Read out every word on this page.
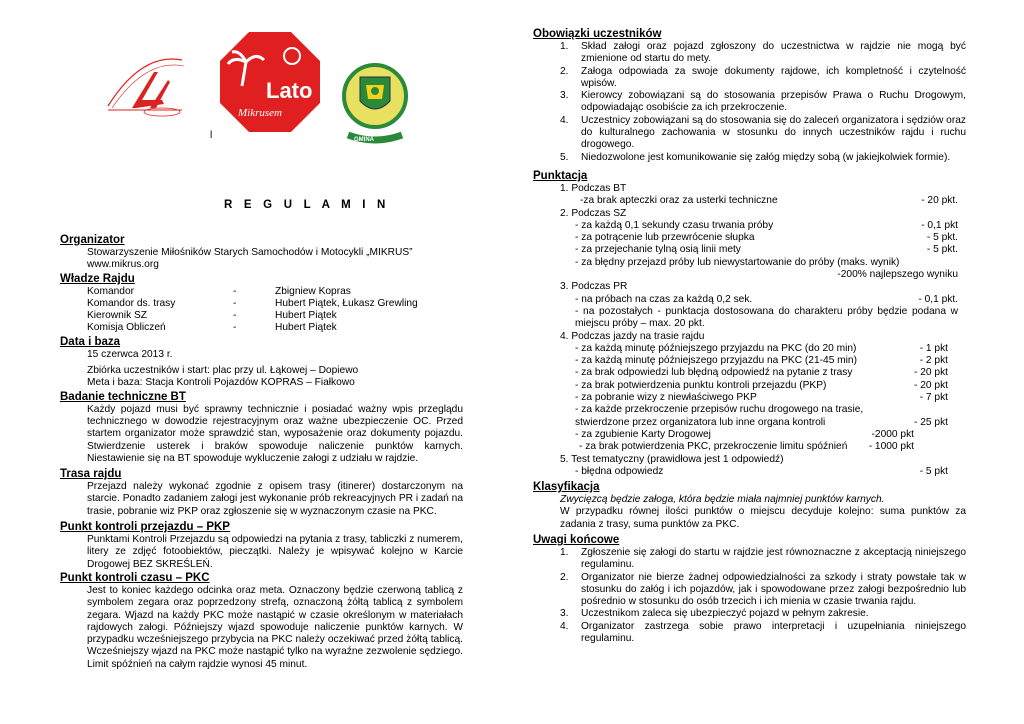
Lato
Mikrusem
GMINA
l
R E G U L A M I N
Organizator

Stowarzyszenie Miłośników Starych Samochodów i Motocykli „MIKRUS”

www.mikrus.org

Władze Rajdu
Komandor	-	Zbigniew Kopras
Komandor ds. trasy	-	Hubert Piątek, Łukasz Grewling
Kierownik SZ	-	Hubert Piątek
Komisja Obliczeń	-	Hubert Piątek
Data i baza

15 czerwca 2013 r.

Zbiórka uczestników i start: plac przy ul. Łąkowej – Dopiewo

Meta i baza: Stacja Kontroli Pojazdów KOPRAS – Fiałkowo

Badanie techniczne BT

Każdy pojazd musi być sprawny technicznie i posiadać ważny wpis przeglądu technicznego w dowodzie rejestracyjnym oraz ważne ubezpieczenie OC. Przed startem organizator może sprawdzić stan, wyposażenie oraz dokumenty pojazdu. Stwierdzenie usterek i braków spowoduje naliczenie punktów karnych. Niestawienie się na BT spowoduje wykluczenie załogi z udziału w rajdzie.

Trasa rajdu

Przejazd należy wykonać zgodnie z opisem trasy (itinerer) dostarczonym na starcie. Ponadto zadaniem załogi jest wykonanie prób rekreacyjnych PR i zadań na trasie, pobranie wiz PKP oraz zgłoszenie się w wyznaczonym czasie na PKC.

Punkt kontroli przejazdu – PKP

Punktami Kontroli Przejazdu są odpowiedzi na pytania z trasy, tabliczki z numerem, litery ze zdjęć fotoobiektów, pieczątki. Należy je wpisywać kolejno w Karcie Drogowej BEZ SKREŚLEŃ.

Punkt kontroli czasu – PKC

Jest to koniec każdego odcinka oraz meta. Oznaczony będzie czerwoną tablicą z symbolem zegara oraz poprzedzony strefą, oznaczoną żółtą tablicą z symbolem zegara. Wjazd na każdy PKC może nastąpić w czasie określonym w materiałach rajdowych załogi. Późniejszy wjazd spowoduje naliczenie punktów karnych. W przypadku wcześniejszego przybycia na PKC należy oczekiwać przed żółtą tablicą. Wcześniejszy wjazd na PKC może nastąpić tylko na wyraźne zezwolenie sędziego. Limit spóźnień na całym rajdzie wynosi 45 minut.

Obowiązki uczestników
1. Skład załogi oraz pojazd zgłoszony do uczestnictwa w rajdzie nie mogą być zmienione od startu do mety.
2. Załoga odpowiada za swoje dokumenty rajdowe, ich kompletność i czytelność wpisów.
3. Kierowcy zobowiązani są do stosowania przepisów Prawa o Ruchu Drogowym, odpowiadając osobiście za ich przekroczenie.
4. Uczestnicy zobowiązani są do stosowania się do zaleceń organizatora i sędziów oraz do kulturalnego zachowania w stosunku do innych uczestników rajdu i ruchu drogowego.
5. Niedozwolone jest komunikowanie się załóg między sobą (w jakiejkolwiek formie).
Punktacja

1. Podczas BT

-za brak apteczki oraz za usterki techniczne	- 20 pkt.

2. Podczas SZ

- za każdą 0,1 sekundy czasu trwania próby	- 0,1 pkt
- za potrącenie lub przewrócenie słupka	- 5 pkt.
- za przejechanie tylną osią linii mety	- 5 pkt.
- za błędny przejazd próby lub niewystartowanie do próby (maks. wynik)
-200% najlepszego wyniku

3. Podczas PR

- na próbach na czas za każdą 0,2 sek.	- 0,1 pkt.

- na pozostałych - punktacja dostosowana do charakteru próby będzie podana w miejscu próby – max. 20 pkt.

4. Podczas jazdy na trasie rajdu

- za każdą minutę późniejszego przyjazdu na PKC (do 20 min)	- 1 pkt
- za każdą minutę późniejszego przyjazdu na PKC (21-45 min)	- 2 pkt
- za brak odpowiedzi lub błędną odpowiedź na pytanie z trasy	- 20 pkt
- za brak potwierdzenia punktu kontroli przejazdu (PKP)	- 20 pkt
- za pobranie wizy z niewłaściwego PKP	- 7 pkt
- za każde przekroczenie przepisów ruchu drogowego na trasie, stwierdzone przez organizatora lub inne organa kontroli	- 25 pkt
- za zgubienie Karty Drogowej	-2000 pkt
- za brak potwierdzenia PKC, przekroczenie limitu spóźnień - 1000 pkt

5. Test tematyczny (prawidłowa jest 1 odpowiedź)

- błędna odpowiedz	- 5 pkt
Klasyfikacja

Zwycięzcą będzie załoga, która będzie miała najmniej punktów karnych.

W przypadku równej ilości punktów o miejscu decyduje kolejno: suma punktów za zadania z trasy, suma punktów za PKC.

Uwagi końcowe
1. Zgłoszenie się załogi do startu w rajdzie jest równoznaczne z akceptacją niniejszego regulaminu.
2. Organizator nie bierze żadnej odpowiedzialności za szkody i straty powstałe tak w stosunku do załóg i ich pojazdów, jak i spowodowane przez załogi bezpośrednio lub pośrednio w stosunku do osób trzecich i ich mienia w czasie trwania rajdu.
3. Uczestnikom zaleca się ubezpieczyć pojazd w pełnym zakresie.
4. Organizator zastrzega sobie prawo interpretacji i uzupełniania niniejszego regulaminu.
